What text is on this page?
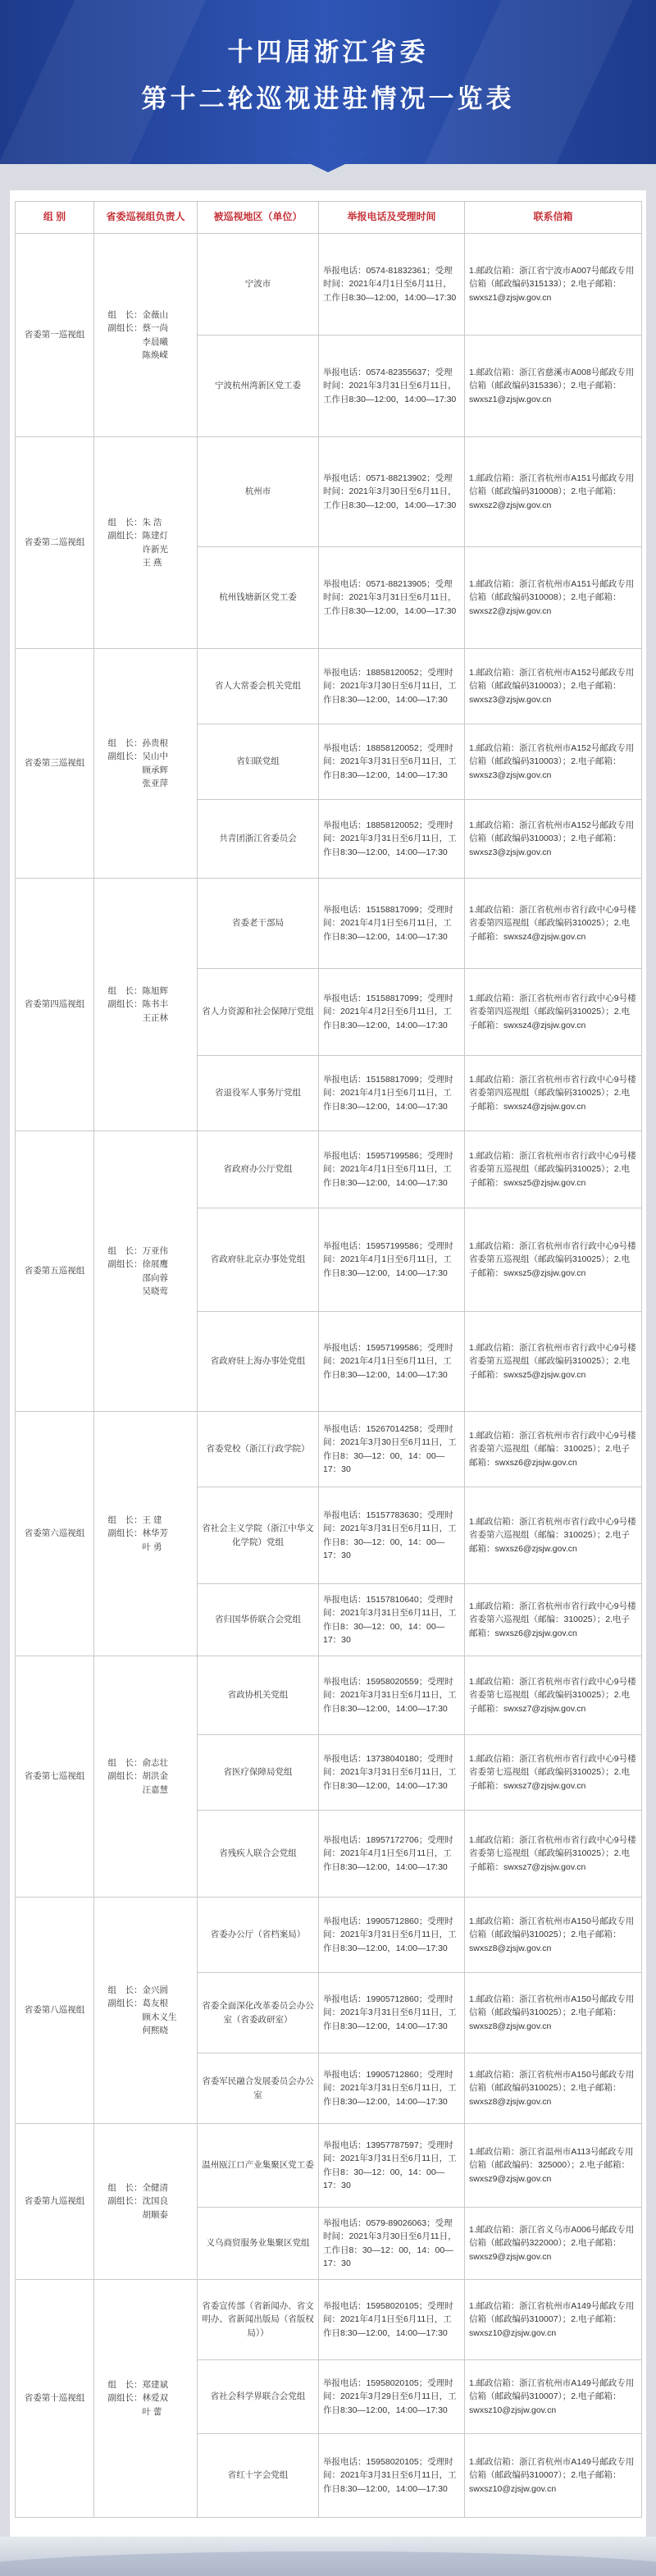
十四届浙江省委
第十二轮巡视进驻情况一览表
组 别	省委巡视组负责人	被巡视地区（单位）	举报电话及受理时间	联系信箱
省委第一巡视组	组　长：金薇山
副组长：蔡一尚
　　　　李晨曦
　　　　陈焕嵘	宁波市	举报电话：0574-81832361；受理时间：2021年4月1日至6月11日，工作日8:30—12:00，14:00—17:30	1.邮政信箱：浙江省宁波市A007号邮政专用信箱（邮政编码315133）；2.电子邮箱：swxsz1@zjsjw.gov.cn
		宁波杭州湾新区党工委	举报电话：0574-82355637；受理时间：2021年3月31日至6月11日，工作日8:30—12:00，14:00—17:30	1.邮政信箱：浙江省慈溪市A008号邮政专用信箱（邮政编码315336）；2.电子邮箱：swxsz1@zjsjw.gov.cn
省委第二巡视组	组　长：朱 浩
副组长：陈建灯
　　　　许新光
　　　　王 燕	杭州市	举报电话：0571-88213902；受理时间：2021年3月30日至6月11日，工作日8:30—12:00，14:00—17:30	1.邮政信箱：浙江省杭州市A151号邮政专用信箱（邮政编码310008）；2.电子邮箱：swxsz2@zjsjw.gov.cn
		杭州钱塘新区党工委	举报电话：0571-88213905；受理时间：2021年3月31日至6月11日，工作日8:30—12:00，14:00—17:30	1.邮政信箱：浙江省杭州市A151号邮政专用信箱（邮政编码310008）；2.电子邮箱：swxsz2@zjsjw.gov.cn
省委第三巡视组	组　长：孙贵根
副组长：吴山中
　　　　顾承辉
　　　　张亚萍	省人大常委会机关党组	举报电话：18858120052；受理时间：2021年3月30日至6月11日，工作日8:30—12:00，14:00—17:30	1.邮政信箱：浙江省杭州市A152号邮政专用信箱（邮政编码310003）；2.电子邮箱：swxsz3@zjsjw.gov.cn
		省妇联党组	举报电话：18858120052；受理时间：2021年3月31日至6月11日，工作日8:30—12:00，14:00—17:30	1.邮政信箱：浙江省杭州市A152号邮政专用信箱（邮政编码310003）；2.电子邮箱：swxsz3@zjsjw.gov.cn
		共青团浙江省委员会	举报电话：18858120052；受理时间：2021年3月31日至6月11日，工作日8:30—12:00，14:00—17:30	1.邮政信箱：浙江省杭州市A152号邮政专用信箱（邮政编码310003）；2.电子邮箱：swxsz3@zjsjw.gov.cn
省委第四巡视组	组　长：陈旭辉
副组长：陈书丰
　　　　王正林	省委老干部局	举报电话：15158817099；受理时间：2021年4月1日至6月11日，工作日8:30—12:00，14:00—17:30	1.邮政信箱：浙江省杭州市省行政中心9号楼省委第四巡视组（邮政编码310025）；2.电子邮箱：swxsz4@zjsjw.gov.cn
		省人力资源和社会保障厅党组	举报电话：15158817099；受理时间：2021年4月2日至6月11日，工作日8:30—12:00，14:00—17:30	1.邮政信箱：浙江省杭州市省行政中心9号楼省委第四巡视组（邮政编码310025）；2.电子邮箱：swxsz4@zjsjw.gov.cn
		省退役军人事务厅党组	举报电话：15158817099；受理时间：2021年4月1日至6月11日，工作日8:30—12:00，14:00—17:30	1.邮政信箱：浙江省杭州市省行政中心9号楼省委第四巡视组（邮政编码310025）；2.电子邮箱：swxsz4@zjsjw.gov.cn
省委第五巡视组	组　长：万亚伟
副组长：徐展鹰
　　　　邵向蓉
　　　　吴晓莺	省政府办公厅党组	举报电话：15957199586；受理时间：2021年4月1日至6月11日，工作日8:30—12:00，14:00—17:30	1.邮政信箱：浙江省杭州市省行政中心9号楼省委第五巡视组（邮政编码310025）；2.电子邮箱：swxsz5@zjsjw.gov.cn
		省政府驻北京办事处党组	举报电话：15957199586；受理时间：2021年4月1日至6月11日，工作日8:30—12:00，14:00—17:30	1.邮政信箱：浙江省杭州市省行政中心9号楼省委第五巡视组（邮政编码310025）；2.电子邮箱：swxsz5@zjsjw.gov.cn
		省政府驻上海办事处党组	举报电话：15957199586；受理时间：2021年4月1日至6月11日，工作日8:30—12:00，14:00—17:30	1.邮政信箱：浙江省杭州市省行政中心9号楼省委第五巡视组（邮政编码310025）；2.电子邮箱：swxsz5@zjsjw.gov.cn
省委第六巡视组	组　长：王 建
副组长：林华芳
　　　　叶 勇	省委党校（浙江行政学院）	举报电话：15267014258；受理时间：2021年3月30日至6月11日，工作日8：30—12：00，14：00—17：30	1.邮政信箱：浙江省杭州市省行政中心9号楼省委第六巡视组（邮编：310025）；2.电子邮箱：swxsz6@zjsjw.gov.cn
		省社会主义学院（浙江中华文化学院）党组	举报电话：15157783630；受理时间：2021年3月31日至6月11日，工作日8：30—12：00，14：00—17：30	1.邮政信箱：浙江省杭州市省行政中心9号楼省委第六巡视组（邮编：310025）；2.电子邮箱：swxsz6@zjsjw.gov.cn
		省归国华侨联合会党组	举报电话：15157810640；受理时间：2021年3月31日至6月11日，工作日8：30—12：00，14：00—17：30	1.邮政信箱：浙江省杭州市省行政中心9号楼省委第六巡视组（邮编：310025）；2.电子邮箱：swxsz6@zjsjw.gov.cn
省委第七巡视组	组　长：俞志壮
副组长：胡洪金
　　　　汪嘉慧	省政协机关党组	举报电话：15958020559；受理时间：2021年3月31日至6月11日，工作日8:30—12:00，14:00—17:30	1.邮政信箱：浙江省杭州市省行政中心9号楼省委第七巡视组（邮政编码310025）；2.电子邮箱：swxsz7@zjsjw.gov.cn
		省医疗保障局党组	举报电话：13738040180；受理时间：2021年3月31日至6月11日，工作日8:30—12:00，14:00—17:30	1.邮政信箱：浙江省杭州市省行政中心9号楼省委第七巡视组（邮政编码310025）；2.电子邮箱：swxsz7@zjsjw.gov.cn
		省残疾人联合会党组	举报电话：18957172706；受理时间：2021年4月1日至6月11日，工作日8:30—12:00，14:00—17:30	1.邮政信箱：浙江省杭州市省行政中心9号楼省委第七巡视组（邮政编码310025）；2.电子邮箱：swxsz7@zjsjw.gov.cn
省委第八巡视组	组　长：金兴圆
副组长：葛友根
　　　　顾木义生
　　　　何熙晓	省委办公厅（省档案局）	举报电话：19905712860；受理时间：2021年3月31日至6月11日，工作日8:30—12:00，14:00—17:30	1.邮政信箱：浙江省杭州市A150号邮政专用信箱（邮政编码310025）；2.电子邮箱：swxsz8@zjsjw.gov.cn
		省委全面深化改革委员会办公室（省委政研室）	举报电话：19905712860；受理时间：2021年3月31日至6月11日，工作日8:30—12:00，14:00—17:30	1.邮政信箱：浙江省杭州市A150号邮政专用信箱（邮政编码310025）；2.电子邮箱：swxsz8@zjsjw.gov.cn
		省委军民融合发展委员会办公室	举报电话：19905712860；受理时间：2021年3月31日至6月11日，工作日8:30—12:00，14:00—17:30	1.邮政信箱：浙江省杭州市A150号邮政专用信箱（邮政编码310025）；2.电子邮箱：swxsz8@zjsjw.gov.cn
省委第九巡视组	组　长：全健清
副组长：沈国良
　　　　胡顺泰	温州瓯江口产业集聚区党工委	举报电话：13957787597；受理时间：2021年3月31日至6月11日，工作日8：30—12：00，14：00—17：30	1.邮政信箱：浙江省温州市A113号邮政专用信箱（邮政编码：325000）；2.电子邮箱：swxsz9@zjsjw.gov.cn
		义乌商贸服务业集聚区党组	举报电话：0579-89026063；受理时间：2021年3月30日至6月11日，工作日8：30—12：00，14：00—17：30	1.邮政信箱：浙江省义乌市A006号邮政专用信箱（邮政编码322000）；2.电子邮箱：swxsz9@zjsjw.gov.cn
省委第十巡视组	组　长：郑建斌
副组长：林爱双
　　　　叶 蕾	省委宣传部（省新闻办、省文明办、省新闻出版局（省版权局））	举报电话：15958020105；受理时间：2021年4月1日至6月11日，工作日8:30—12:00，14:00—17:30	1.邮政信箱：浙江省杭州市A149号邮政专用信箱（邮政编码310007）；2.电子邮箱：swxsz10@zjsjw.gov.cn
		省社会科学界联合会党组	举报电话：15958020105；受理时间：2021年3月29日至6月11日，工作日8:30—12:00，14:00—17:30	1.邮政信箱：浙江省杭州市A149号邮政专用信箱（邮政编码310007）；2.电子邮箱：swxsz10@zjsjw.gov.cn
		省红十字会党组	举报电话：15958020105；受理时间：2021年3月31日至6月11日，工作日8:30—12:00，14:00—17:30	1.邮政信箱：浙江省杭州市A149号邮政专用信箱（邮政编码310007）；2.电子邮箱：swxsz10@zjsjw.gov.cn
